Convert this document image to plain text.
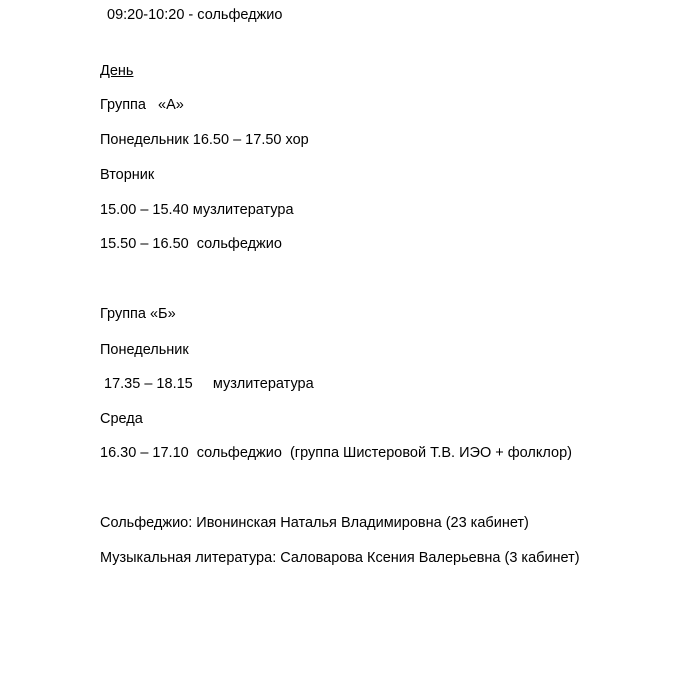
09:20-10:20 - сольфеджио
День
Группа   «А»
Понедельник 16.50 – 17.50 хор
Вторник
15.00 – 15.40 музлитература
15.50 – 16.50  сольфеджио
Группа «Б»
Понедельник
17.35 – 18.15     музлитература
Среда
16.30 – 17.10  сольфеджио  (группа Шистеровой Т.В. ИЭО + фолклор)
Сольфеджио: Ивонинская Наталья Владимировна (23 кабинет)
Музыкальная литература: Саловарова Ксения Валерьевна (3 кабинет)
